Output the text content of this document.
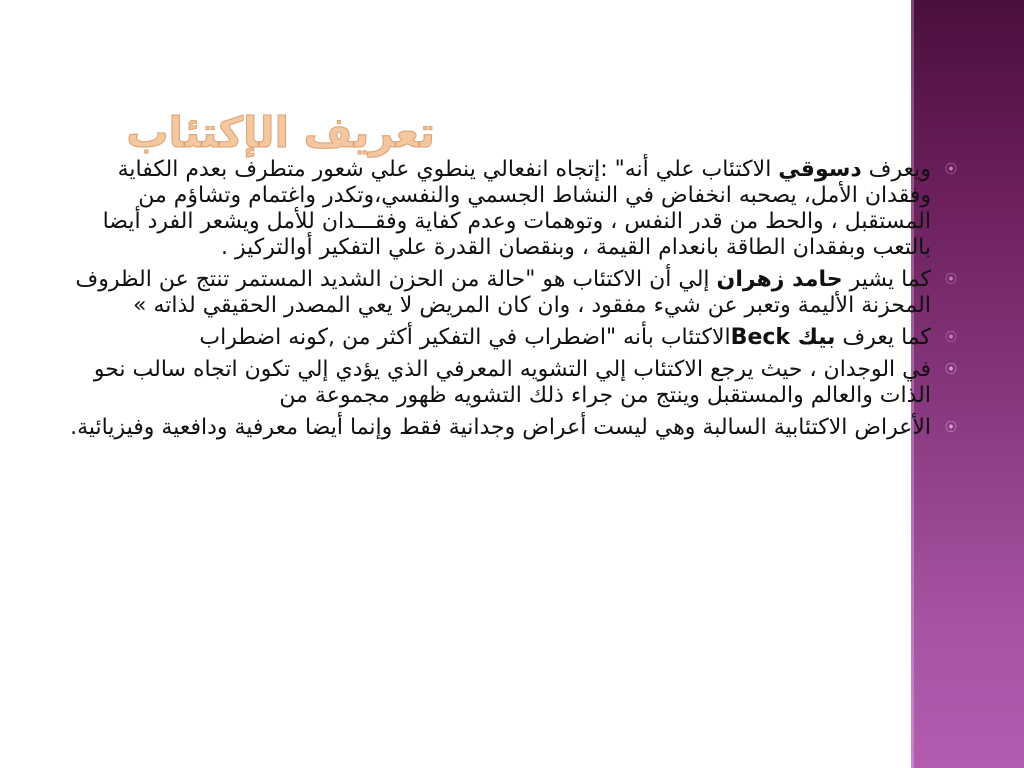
تعريف الإكتئاب
⦿
ويعرف دسوقي الاكتئاب علي أنه" :إتجاه انفعالي ينطوي علي شعور متطرف بعدم الكفاية وفقدان الأمل، يصحبه انخفاض في النشاط الجسمي والنفسي،وتكدر واغتمام وتشاؤم من المستقبل ، والحط من قدر النفس ، وتوهمات وعدم كفاية وفقـــدان للأمل ويشعر الفرد أيضا بالتعب وبفقدان الطاقة بانعدام القيمة ، وبنقصان القدرة علي التفكير أوالتركيز .
⦿
كما يشير حامد زهران إلي أن الاكتئاب هو "حالة من الحزن الشديد المستمر تنتج عن الظروف المحزنة الأليمة وتعبر عن شيء مفقود ، وان كان المريض لا يعي المصدر الحقيقي لذاته »
⦿
كما يعرف بيك Beckالاكتئاب بأنه "اضطراب في التفكير أكثر من ,كونه اضطراب
⦿
في الوجدان ، حيث يرجع الاكتئاب إلي التشويه المعرفي الذي يؤدي إلي تكون اتجاه سالب نحو الذات والعالم والمستقبل وينتج من جراء ذلك التشويه ظهور مجموعة من
⦿
الأعراض الاكتئابية السالبة وهي ليست أعراض وجدانية فقط وإنما أيضا معرفية ودافعية وفيزيائية.
